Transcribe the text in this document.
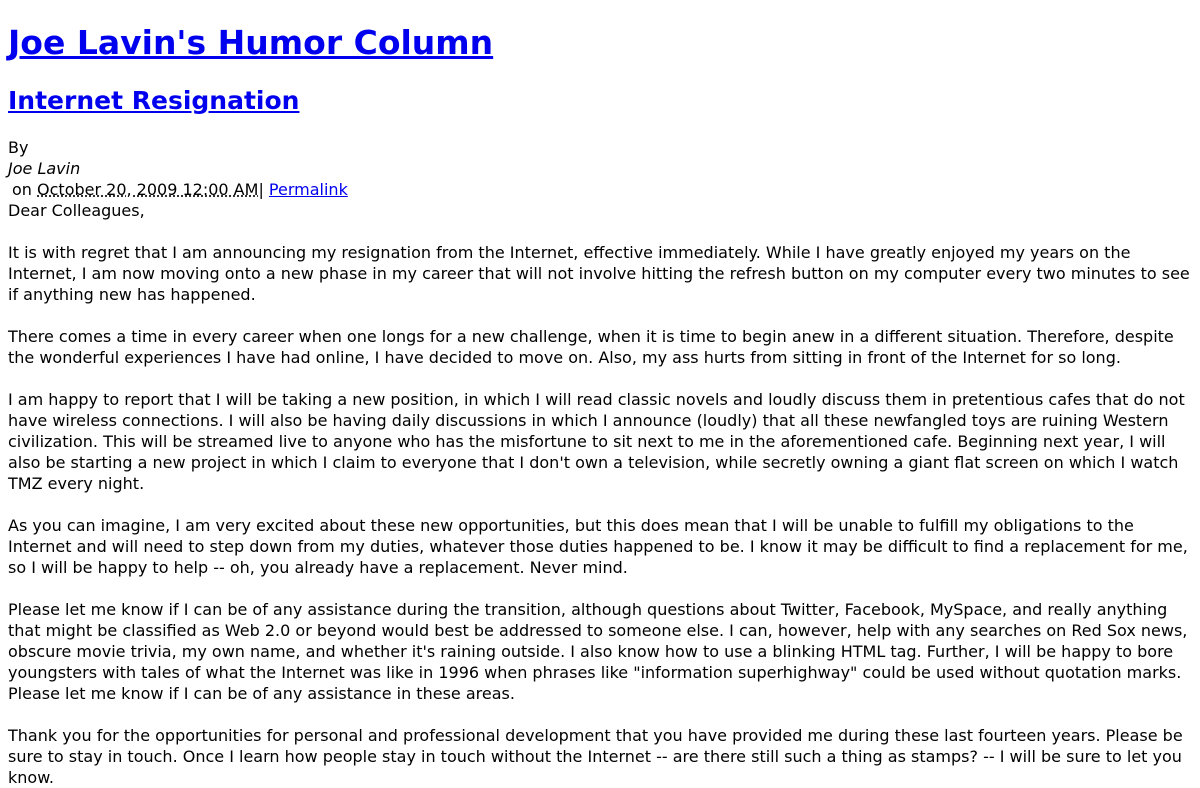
Joe Lavin's Humor Column
Internet Resignation
By
Joe Lavin
on October 20, 2009 12:00 AM| Permalink
Dear Colleagues,

It is with regret that I am announcing my resignation from the Internet, effective immediately. While I have greatly enjoyed my years on the Internet, I am now moving onto a new phase in my career that will not involve hitting the refresh button on my computer every two minutes to see if anything new has happened.

There comes a time in every career when one longs for a new challenge, when it is time to begin anew in a different situation. Therefore, despite the wonderful experiences I have had online, I have decided to move on. Also, my ass hurts from sitting in front of the Internet for so long.

I am happy to report that I will be taking a new position, in which I will read classic novels and loudly discuss them in pretentious cafes that do not have wireless connections. I will also be having daily discussions in which I announce (loudly) that all these newfangled toys are ruining Western civilization. This will be streamed live to anyone who has the misfortune to sit next to me in the aforementioned cafe. Beginning next year, I will also be starting a new project in which I claim to everyone that I don't own a television, while secretly owning a giant flat screen on which I watch TMZ every night.

As you can imagine, I am very excited about these new opportunities, but this does mean that I will be unable to fulfill my obligations to the Internet and will need to step down from my duties, whatever those duties happened to be. I know it may be difficult to find a replacement for me, so I will be happy to help -- oh, you already have a replacement. Never mind.

Please let me know if I can be of any assistance during the transition, although questions about Twitter, Facebook, MySpace, and really anything that might be classified as Web 2.0 or beyond would best be addressed to someone else. I can, however, help with any searches on Red Sox news, obscure movie trivia, my own name, and whether it's raining outside. I also know how to use a blinking HTML tag. Further, I will be happy to bore youngsters with tales of what the Internet was like in 1996 when phrases like "information superhighway" could be used without quotation marks. Please let me know if I can be of any assistance in these areas.

Thank you for the opportunities for personal and professional development that you have provided me during these last fourteen years. Please be sure to stay in touch. Once I learn how people stay in touch without the Internet -- are there still such a thing as stamps? -- I will be sure to let you know.
